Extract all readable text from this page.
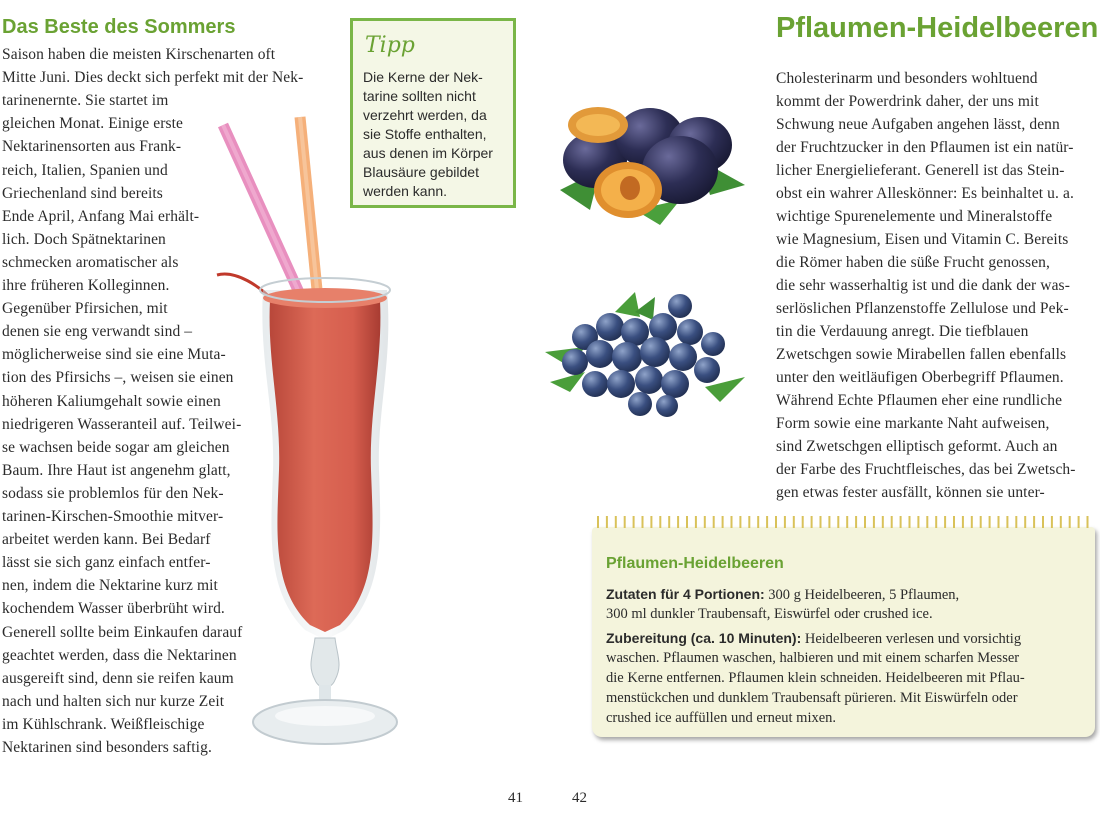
Das Beste des Sommers
Saison haben die meisten Kirschenarten oft
Mitte Juni. Dies deckt sich perfekt mit der Nek-
tarinenernte. Sie startet im
gleichen Monat. Einige erste
Nektarinensorten aus Frank-
reich, Italien, Spanien und
Griechenland sind bereits
Ende April, Anfang Mai erhält-
lich. Doch Spätnektarinen
schmecken aromatischer als
ihre früheren Kolleginnen.
Gegenüber Pfirsichen, mit
denen sie eng verwandt sind –
möglicherweise sind sie eine Muta-
tion des Pfirsichs –, weisen sie einen
höheren Kaliumgehalt sowie einen
niedrigeren Wasseranteil auf. Teilwei-
se wachsen beide sogar am gleichen
Baum. Ihre Haut ist angenehm glatt,
sodass sie problemlos für den Nek-
tarinen-Kirschen-Smoothie mitver-
arbeitet werden kann. Bei Bedarf
lässt sie sich ganz einfach entfer-
nen, indem die Nektarine kurz mit
kochendem Wasser überbrüht wird.
Generell sollte beim Einkaufen darauf
geachtet werden, dass die Nektarinen
ausgereift sind, denn sie reifen kaum
nach und halten sich nur kurze Zeit
im Kühlschrank. Weißfleischige
Nektarinen sind besonders saftig.
Tipp
Die Kerne der Nek-
tarine sollten nicht
verzehrt werden, da
sie Stoffe enthalten,
aus denen im Körper
Blausäure gebildet
werden kann.
Pflaumen-Heidelbeeren
Cholesterinarm und besonders wohltuend
kommt der Powerdrink daher, der uns mit
Schwung neue Aufgaben angehen lässt, denn
der Fruchtzucker in den Pflaumen ist ein natür-
licher Energielieferant. Generell ist das Stein-
obst ein wahrer Alleskönner: Es beinhaltet u. a.
wichtige Spurenelemente und Mineralstoffe
wie Magnesium, Eisen und Vitamin C. Bereits
die Römer haben die süße Frucht genossen,
die sehr wasserhaltig ist und die dank der was-
serlöslichen Pflanzenstoffe Zellulose und Pek-
tin die Verdauung anregt. Die tiefblauen
Zwetschgen sowie Mirabellen fallen ebenfalls
unter den weitläufigen Oberbegriff Pflaumen.
Während Echte Pflaumen eher eine rundliche
Form sowie eine markante Naht aufweisen,
sind Zwetschgen elliptisch geformt. Auch an
der Farbe des Fruchtfleisches, das bei Zwetsch-
gen etwas fester ausfällt, können sie unter-
Pflaumen-Heidelbeeren
Zutaten für 4 Portionen: 300 g Heidelbeeren, 5 Pflaumen,
300 ml dunkler Traubensaft, Eiswürfel oder crushed ice.
Zubereitung (ca. 10 Minuten): Heidelbeeren verlesen und vorsichtig
waschen. Pflaumen waschen, halbieren und mit einem scharfen Messer
die Kerne entfernen. Pflaumen klein schneiden. Heidelbeeren mit Pflau-
menstückchen und dunklem Traubensaft pürieren. Mit Eiswürfeln oder
crushed ice auffüllen und erneut mixen.
41	42
